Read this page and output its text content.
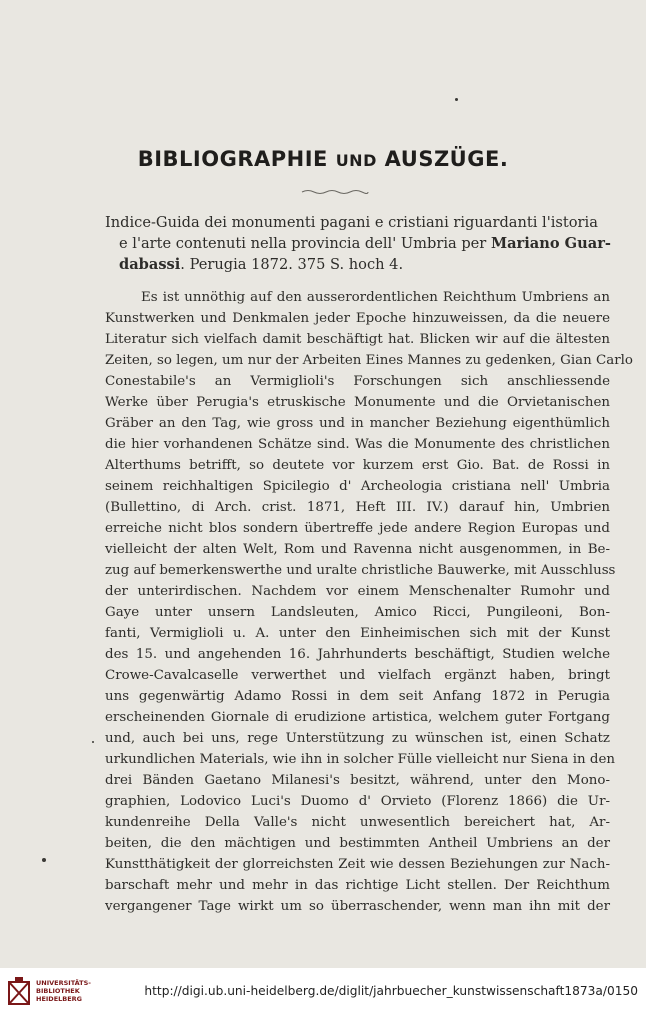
BIBLIOGRAPHIE UND AUSZÜGE.
Indice-Guida dei monumenti pagani e cristiani riguardanti l'istoria
e l'arte contenuti nella provincia dell' Umbria per Mariano Guar-
dabassi. Perugia 1872. 375 S. hoch 4.
Es ist unnöthig auf den ausserordentlichen Reichthum Umbriens an
Kunstwerken und Denkmalen jeder Epoche hinzuweissen, da die neuere
Literatur sich vielfach damit beschäftigt hat. Blicken wir auf die ältesten
Zeiten, so legen, um nur der Arbeiten Eines Mannes zu gedenken, Gian Carlo
Conestabile's an Vermiglioli's Forschungen sich anschliessende
Werke über Perugia's etruskische Monumente und die Orvietanischen
Gräber an den Tag, wie gross und in mancher Beziehung eigenthümlich
die hier vorhandenen Schätze sind. Was die Monumente des christlichen
Alterthums betrifft, so deutete vor kurzem erst Gio. Bat. de Rossi in
seinem reichhaltigen Spicilegio d' Archeologia cristiana nell' Umbria
(Bullettino, di Arch. crist. 1871, Heft III. IV.) darauf hin, Umbrien
erreiche nicht blos sondern übertreffe jede andere Region Europas und
vielleicht der alten Welt, Rom und Ravenna nicht ausgenommen, in Be-
zug auf bemerkenswerthe und uralte christliche Bauwerke, mit Ausschluss
der unterirdischen. Nachdem vor einem Menschenalter Rumohr und
Gaye unter unsern Landsleuten, Amico Ricci, Pungileoni, Bon-
fanti, Vermiglioli u. A. unter den Einheimischen sich mit der Kunst
des 15. und angehenden 16. Jahrhunderts beschäftigt, Studien welche
Crowe-Cavalcaselle verwerthet und vielfach ergänzt haben, bringt
uns gegenwärtig Adamo Rossi in dem seit Anfang 1872 in Perugia
erscheinenden Giornale di erudizione artistica, welchem guter Fortgang
und, auch bei uns, rege Unterstützung zu wünschen ist, einen Schatz
urkundlichen Materials, wie ihn in solcher Fülle vielleicht nur Siena in den
drei Bänden Gaetano Milanesi's besitzt, während, unter den Mono-
graphien, Lodovico Luci's Duomo d' Orvieto (Florenz 1866) die Ur-
kundenreihe Della Valle's nicht unwesentlich bereichert hat, Ar-
beiten, die den mächtigen und bestimmten Antheil Umbriens an der
Kunstthätigkeit der glorreichsten Zeit wie dessen Beziehungen zur Nach-
barschaft mehr und mehr in das richtige Licht stellen. Der Reichthum
vergangener Tage wirkt um so überraschender, wenn man ihn mit der
UNIVERSITÄTS-
BIBLIOTHEK
HEIDELBERG
http://digi.ub.uni-heidelberg.de/diglit/jahrbuecher_kunstwissenschaft1873a/0150
